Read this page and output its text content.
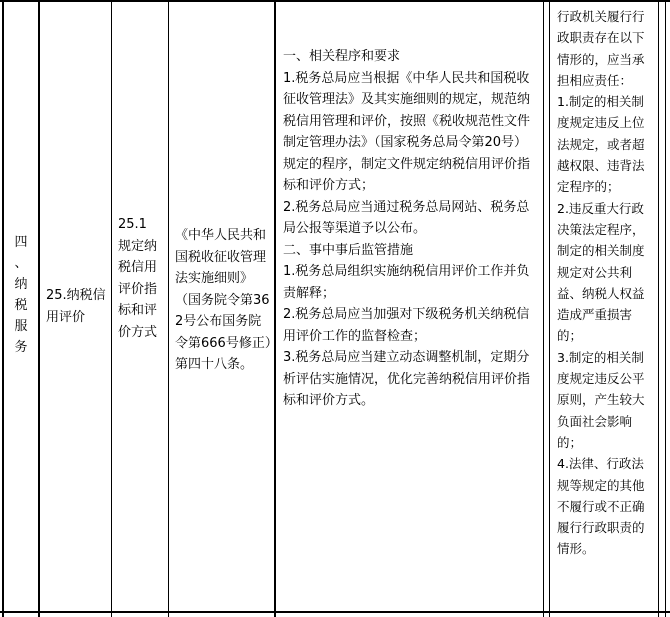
四
、
纳
税
服
务
25.纳税信用评价
25.1 规定纳税信用评价指标和评价方式
《中华人民共和国税收征收管理法实施细则》（国务院令第362号公布国务院令第666号修正）第四十八条。
一、相关程序和要求
1.税务总局应当根据《中华人民共和国税收征收管理法》及其实施细则的规定，规范纳税信用管理和评价，按照《税收规范性文件制定管理办法》（国家税务总局令第20号）规定的程序，制定文件规定纳税信用评价指标和评价方式；
2.税务总局应当通过税务总局网站、税务总局公报等渠道予以公布。
二、事中事后监管措施
1.税务总局组织实施纳税信用评价工作并负责解释；
2.税务总局应当加强对下级税务机关纳税信用评价工作的监督检查；
3.税务总局应当建立动态调整机制，定期分析评估实施情况，优化完善纳税信用评价指标和评价方式。
行政机关履行行政职责存在以下情形的，应当承担相应责任：
1.制定的相关制度规定违反上位法规定，或者超越权限、违背法定程序的；
2.违反重大行政决策法定程序，制定的相关制度规定对公共利益、纳税人权益造成严重损害的；
3.制定的相关制度规定违反公平原则，产生较大负面社会影响的；
4.法律、行政法规等规定的其他不履行或不正确履行行政职责的情形。
